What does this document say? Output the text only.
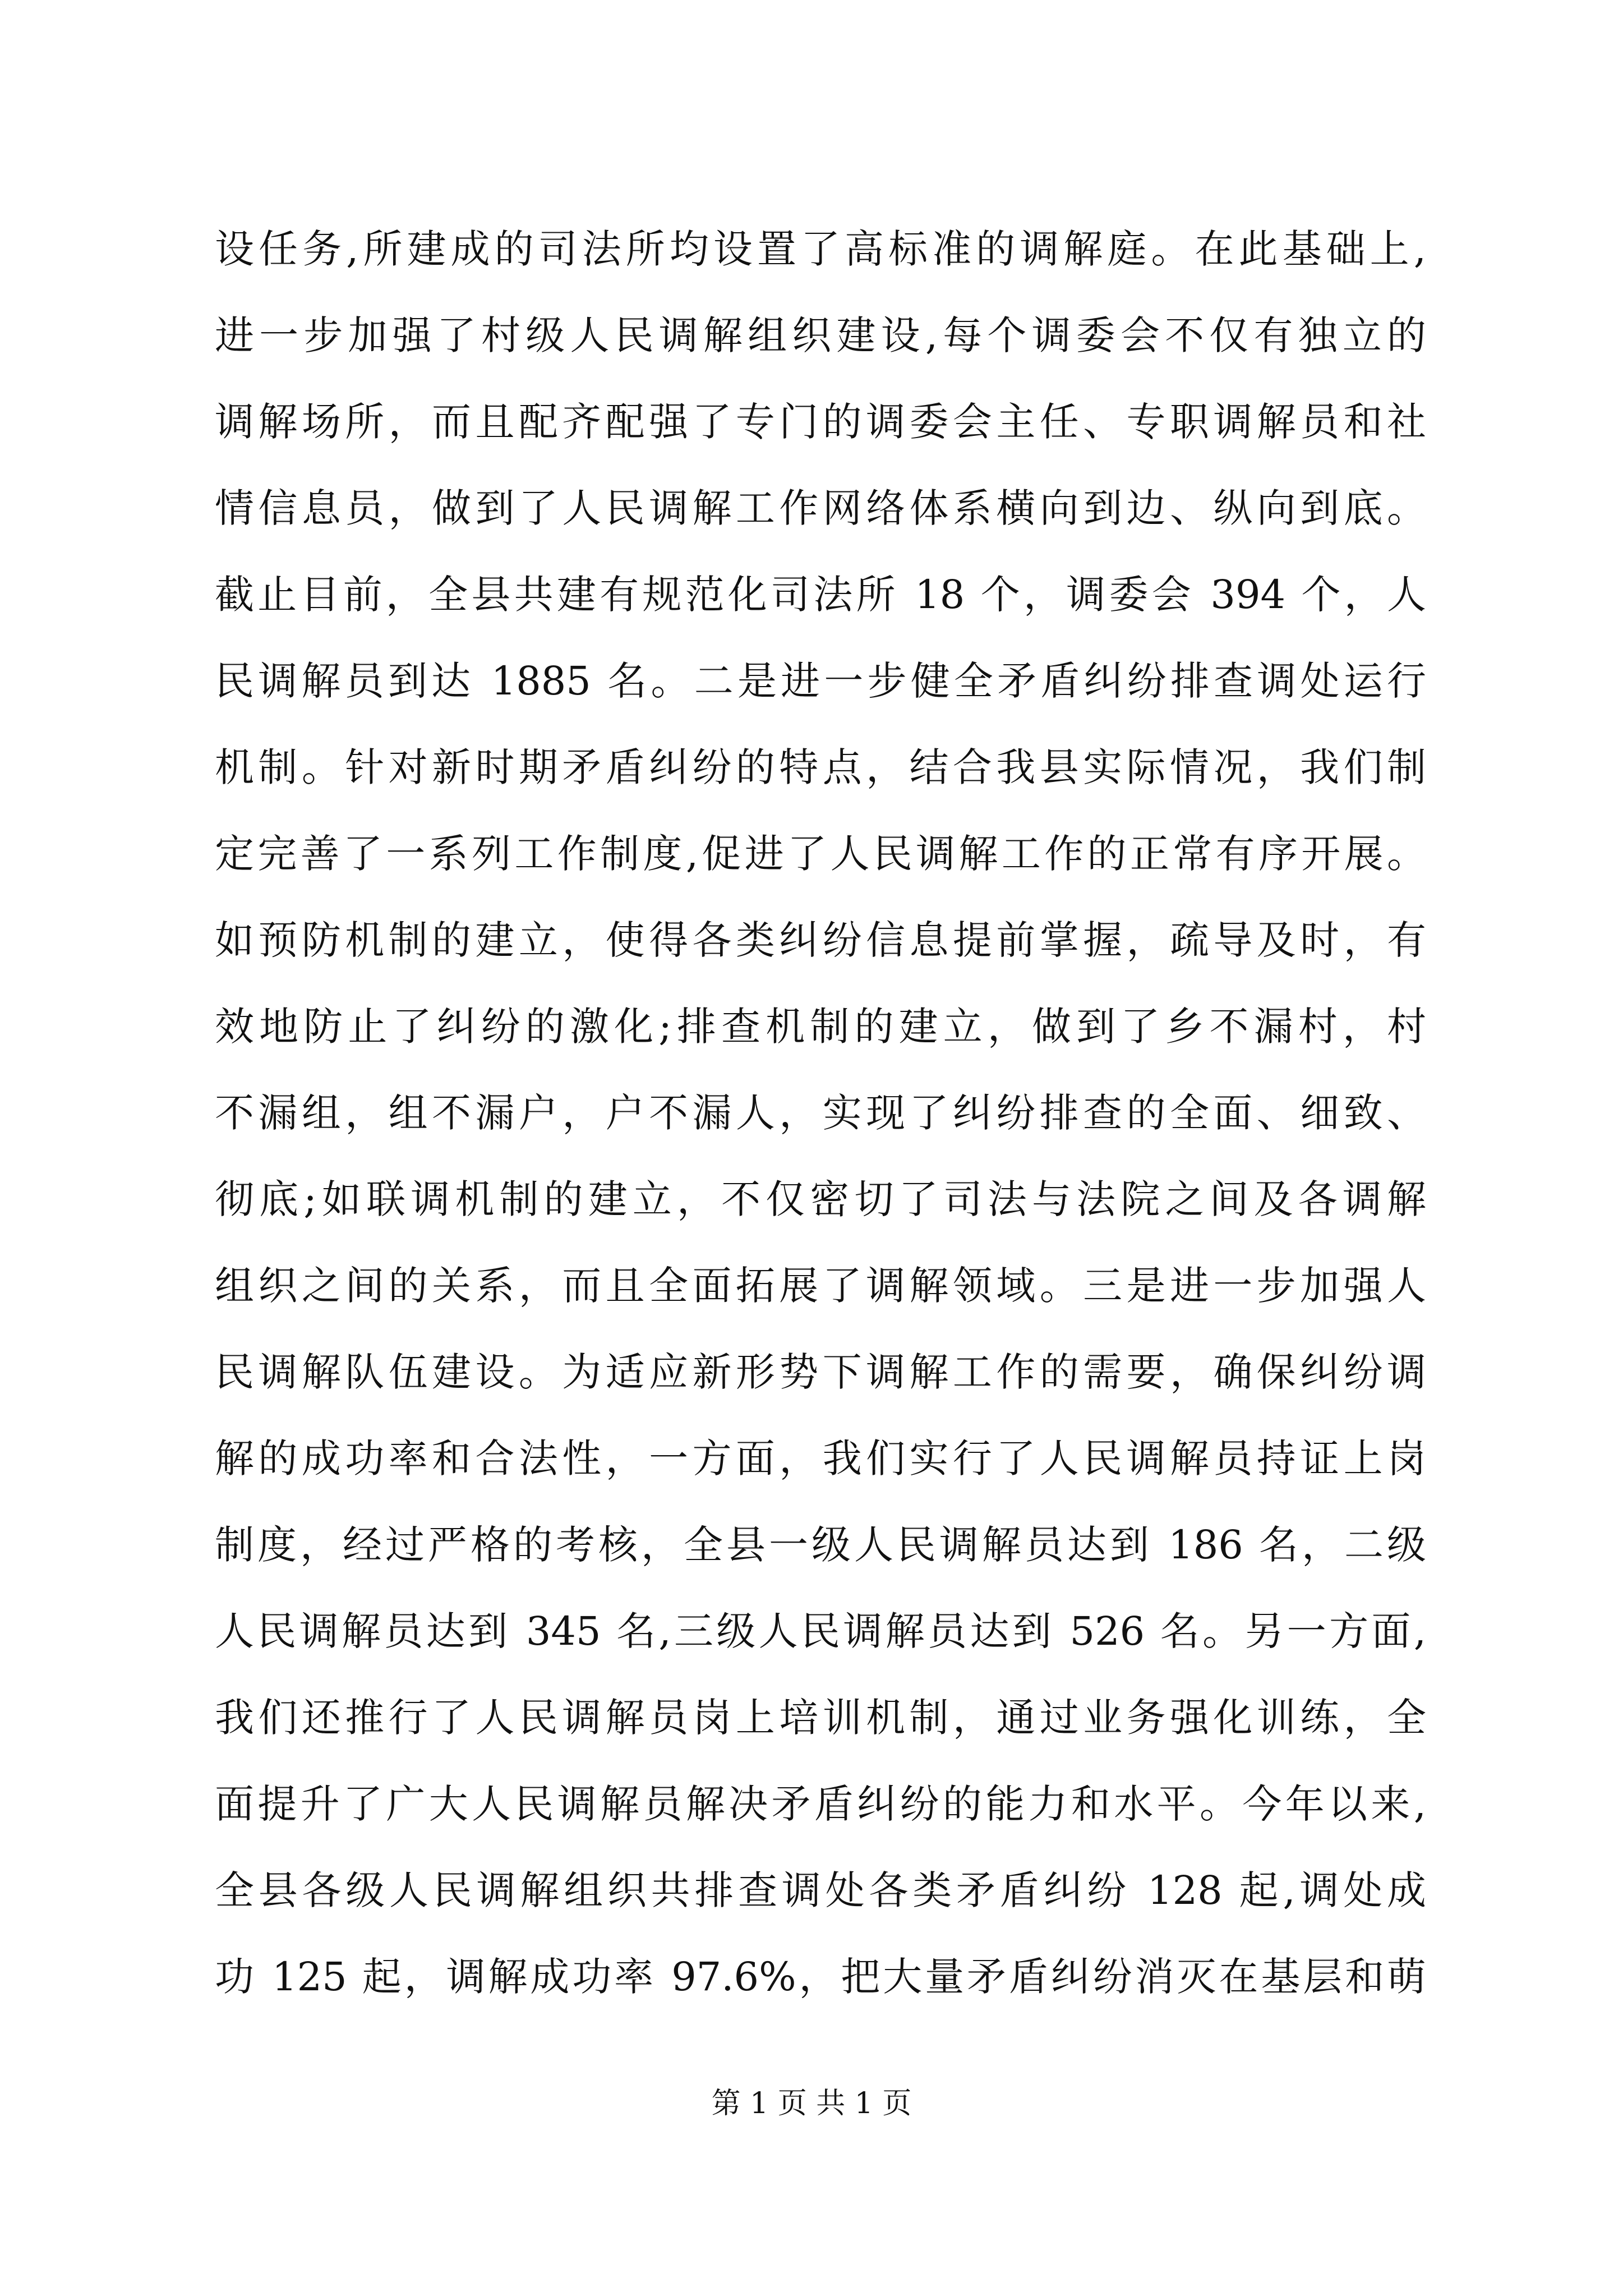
设任务,所建成的司法所均设置了高标准的调解庭。在此基础上,
进一步加强了村级人民调解组织建设,每个调委会不仅有独立的
调解场所，而且配齐配强了专门的调委会主任、专职调解员和社
情信息员，做到了人民调解工作网络体系横向到边、纵向到底。
截止目前，全县共建有规范化司法所 18 个，调委会 394 个，人
民调解员到达 1885 名。二是进一步健全矛盾纠纷排查调处运行
机制。针对新时期矛盾纠纷的特点，结合我县实际情况，我们制
定完善了一系列工作制度,促进了人民调解工作的正常有序开展。
如预防机制的建立，使得各类纠纷信息提前掌握，疏导及时，有
效地防止了纠纷的激化;排查机制的建立，做到了乡不漏村，村
不漏组，组不漏户，户不漏人，实现了纠纷排查的全面、细致、
彻底;如联调机制的建立，不仅密切了司法与法院之间及各调解
组织之间的关系，而且全面拓展了调解领域。三是进一步加强人
民调解队伍建设。为适应新形势下调解工作的需要，确保纠纷调
解的成功率和合法性，一方面，我们实行了人民调解员持证上岗
制度，经过严格的考核，全县一级人民调解员达到 186 名，二级
人民调解员达到 345 名,三级人民调解员达到 526 名。另一方面,
我们还推行了人民调解员岗上培训机制，通过业务强化训练，全
面提升了广大人民调解员解决矛盾纠纷的能力和水平。今年以来,
全县各级人民调解组织共排查调处各类矛盾纠纷 128 起,调处成
功 125 起，调解成功率 97.6%，把大量矛盾纠纷消灭在基层和萌
第 1 页 共 1 页
